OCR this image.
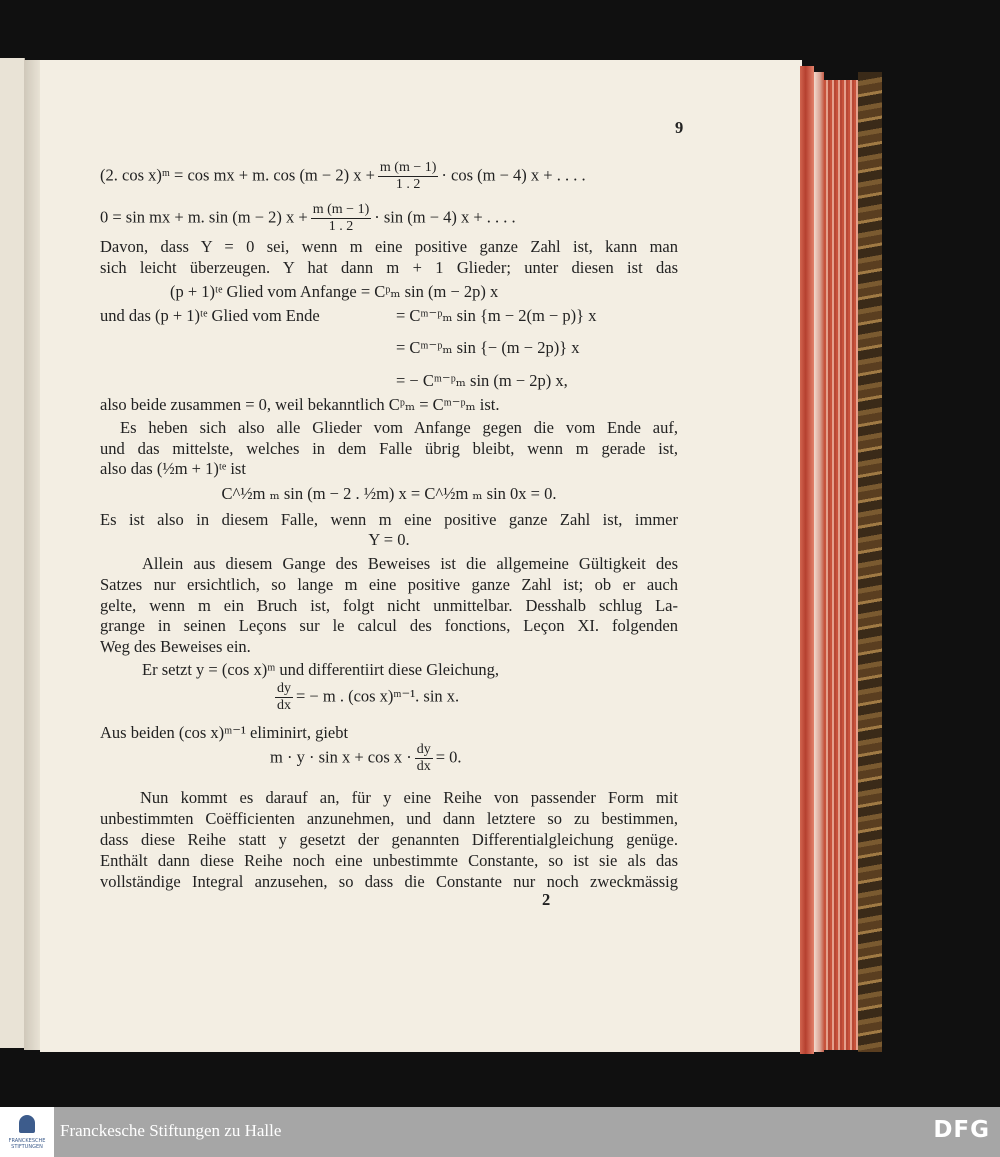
9
(2. cos x)ᵐ = cos mx + m. cos (m − 2) $x + \frac{m (m - 1)}{1 . 2} \cdot \cos (m - 4) x$ + . . . .
0 = sin mx + m. sin (m − 2) $x + \frac{m (m - 1)}{1 . 2} \cdot \sin (m - 4) x$ + . . . .
Davon, dass Y = 0 sei, wenn m eine positive ganze Zahl ist, kann man
sich leicht überzeugen. Y hat dann m + 1 Glieder; unter diesen ist das
(p + 1)ᵗᵉ Glied vom Anfange = Cᵖₘ sin (m − 2p) x
und das (p + 1)ᵗᵉ Glied vom Ende	= Cᵐ⁻ᵖₘ sin {m − 2(m − p)} x
= Cᵐ⁻ᵖₘ sin {− (m − 2p)} x
= − Cᵐ⁻ᵖₘ sin (m − 2p) x,
also beide zusammen = 0, weil bekanntlich Cᵖₘ = Cᵐ⁻ᵖₘ ist.
Es heben sich also alle Glieder vom Anfange gegen die vom Ende auf,
und das mittelste, welches in dem Falle übrig bleibt, wenn m gerade ist,
also das (½m + 1)ᵗᵉ ist
C^½m ₘ sin (m − 2 . ½m) x = C^½m ₘ sin 0x = 0.
Es ist also in diesem Falle, wenn m eine positive ganze Zahl ist, immer
Y = 0.
Allein aus diesem Gange des Beweises ist die allgemeine Gültigkeit des
Satzes nur ersichtlich, so lange m eine positive ganze Zahl ist; ob er auch
gelte, wenn m ein Bruch ist, folgt nicht unmittelbar. Desshalb schlug La-
grange in seinen Leçons sur le calcul des fonctions, Leçon XI. folgenden
Weg des Beweises ein.
Er setzt y = (cos x)ᵐ und differentiirt diese Gleichung,
$\frac{dy}{dx}$ = − m . (cos x)ᵐ⁻¹. sin x.
Aus beiden (cos x)ᵐ⁻¹ eliminirt, giebt
$m \cdot y \cdot \sin x + \cos x \cdot \frac{dy}{dx} = 0$.
Nun kommt es darauf an, für y eine Reihe von passender Form mit
unbestimmten Coëfficienten anzunehmen, und dann letztere so zu bestimmen,
dass diese Reihe statt y gesetzt der genannten Differentialgleichung genüge.
Enthält dann diese Reihe noch eine unbestimmte Constante, so ist sie als das
vollständige Integral anzusehen, so dass die Constante nur noch zweckmässig
2
FRANCKESCHE STIFTUNGEN
Franckesche Stiftungen zu Halle	DFG
